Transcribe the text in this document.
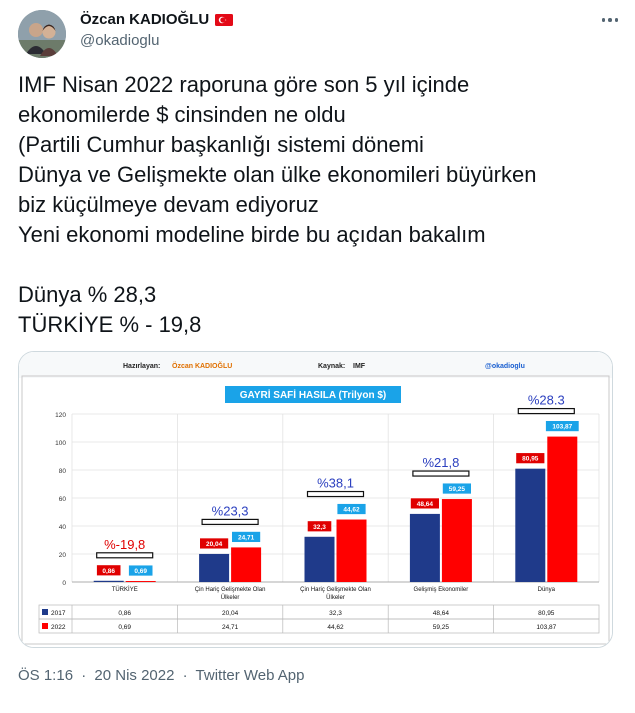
Özcan KADIOĞLU
@okadioglu
IMF Nisan 2022 raporuna göre son 5 yıl içinde
ekonomilerde $ cinsinden ne oldu
(Partili Cumhur başkanlığı sistemi dönemi
Dünya ve Gelişmekte olan ülke ekonomileri büyürken
biz küçülmeye devam ediyoruz
Yeni ekonomi modeline birde bu açıdan bakalım

Dünya % 28,3
TÜRKİYE % - 19,8
Hazırlayan: Özcan KADIOĞLU	Kaynak: IMF	@okadioglu
GAYRİ SAFİ HASILA (Trilyon $)
0
20
40
60
80
100
120
0,86	0,69
%-19,8
TÜRKİYE
20,04
24,71
%23,3
Çin Hariç Gelişmekte Olan
Ülkeler
32,3
44,62
%38,1
Çin Hariç Gelişmekte Olan
Ülkeler
48,64
59,25
%21,8
Gelişmiş Ekonomiler
80,95
103,87
%28.3
Dünya
2017	0,86	20,04	32,3	48,64	80,95
2022	0,69	24,71	44,62	59,25	103,87
ÖS 1:16 · 20 Nis 2022 · Twitter Web App
